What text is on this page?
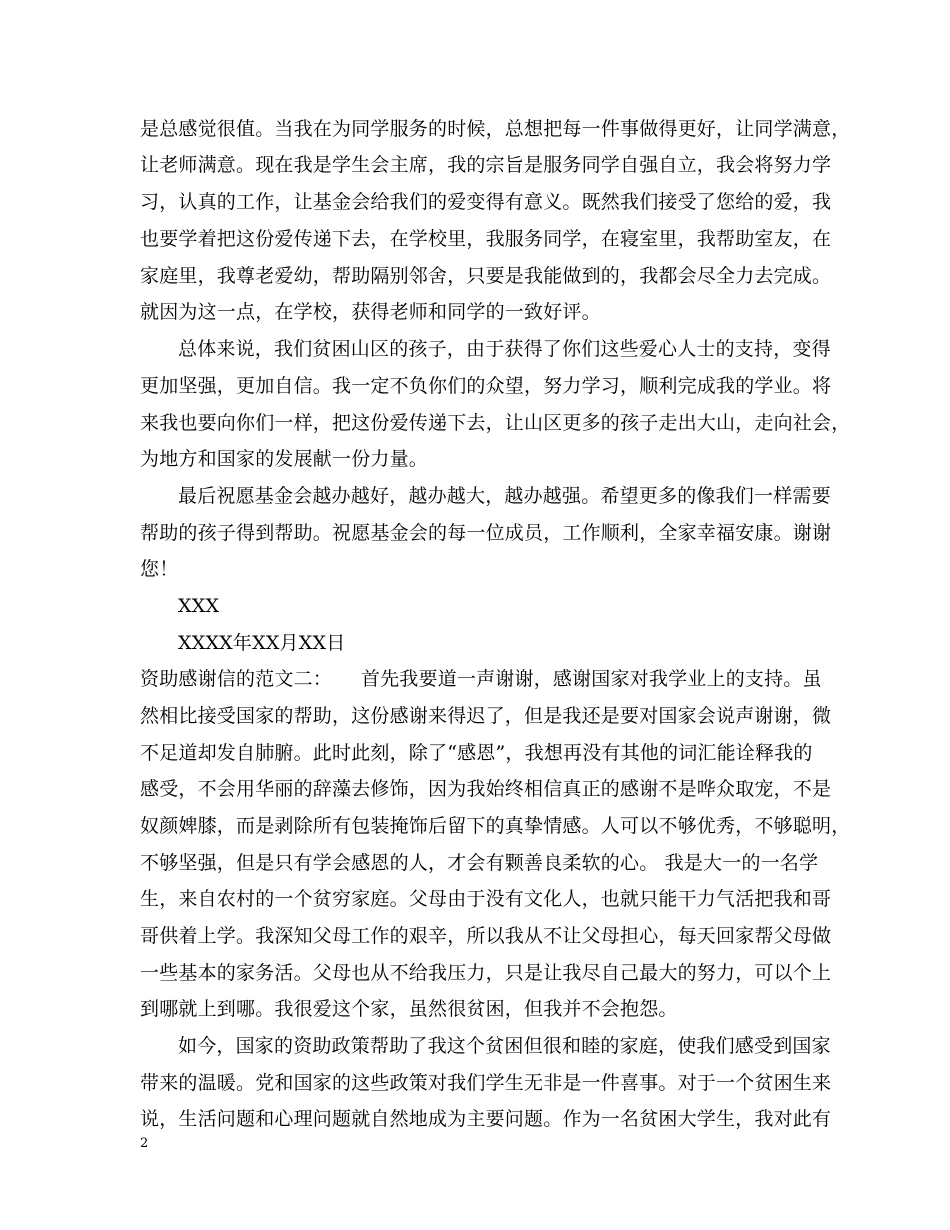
是总感觉很值。当我在为同学服务的时候，总想把每一件事做得更好，让同学满意，
让老师满意。现在我是学生会主席，我的宗旨是服务同学自强自立，我会将努力学
习，认真的工作，让基金会给我们的爱变得有意义。既然我们接受了您给的爱，我
也要学着把这份爱传递下去，在学校里，我服务同学，在寝室里，我帮助室友，在
家庭里，我尊老爱幼，帮助隔别邻舍，只要是我能做到的，我都会尽全力去完成。
就因为这一点，在学校，获得老师和同学的一致好评。
总体来说，我们贫困山区的孩子，由于获得了你们这些爱心人士的支持，变得
更加坚强，更加自信。我一定不负你们的众望，努力学习，顺利完成我的学业。将
来我也要向你们一样，把这份爱传递下去，让山区更多的孩子走出大山，走向社会，
为地方和国家的发展献一份力量。
最后祝愿基金会越办越好，越办越大，越办越强。希望更多的像我们一样需要
帮助的孩子得到帮助。祝愿基金会的每一位成员，工作顺利，全家幸福安康。谢谢
您！
XXX
XXXX年XX月XX日
资助感谢信的范文二：　　首先我要道一声谢谢，感谢国家对我学业上的支持。虽
然相比接受国家的帮助，这份感谢来得迟了，但是我还是要对国家会说声谢谢，微
不足道却发自肺腑。此时此刻，除了“感恩”，我想再没有其他的词汇能诠释我的
感受，不会用华丽的辞藻去修饰，因为我始终相信真正的感谢不是哗众取宠，不是
奴颜婢膝，而是剥除所有包装掩饰后留下的真挚情感。人可以不够优秀，不够聪明，
不够坚强，但是只有学会感恩的人，才会有颗善良柔软的心。 我是大一的一名学
生，来自农村的一个贫穷家庭。父母由于没有文化人，也就只能干力气活把我和哥
哥供着上学。我深知父母工作的艰辛，所以我从不让父母担心，每天回家帮父母做
一些基本的家务活。父母也从不给我压力，只是让我尽自己最大的努力，可以个上
到哪就上到哪。我很爱这个家，虽然很贫困，但我并不会抱怨。
如今，国家的资助政策帮助了我这个贫困但很和睦的家庭，使我们感受到国家
带来的温暖。党和国家的这些政策对我们学生无非是一件喜事。对于一个贫困生来
说，生活问题和心理问题就自然地成为主要问题。作为一名贫困大学生，我对此有
2
